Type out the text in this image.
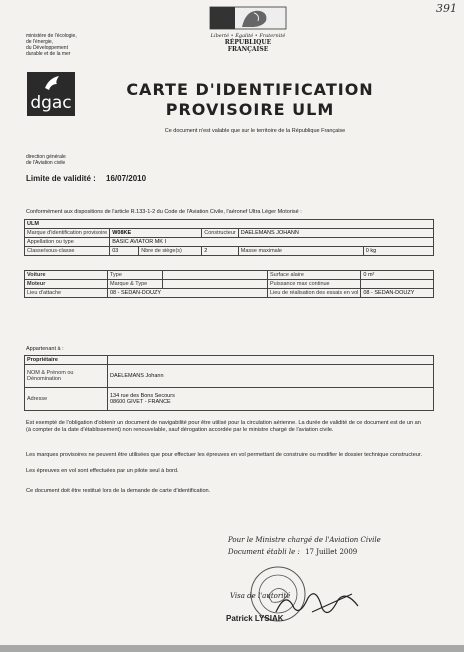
391
ministère de l'écologie,
de l'énergie,
du Développement
durable et de la mer
Liberté • Égalité • Fraternité
RÉPUBLIQUE FRANÇAISE
dgac
CARTE D'IDENTIFICATION
PROVISOIRE ULM
Ce document n'est valable que sur le territoire de la République Française
direction générale
de l'Aviation civile
Limite de validité : 16/07/2010
Conformément aux dispositions de l'article R.133-1-2 du Code de l'Aviation Civile, l'aéronef Ultra Léger Motorisé :
ULM					
Marque d'identification provisoire	W08KE		Constructeur	DAELEMANS JOHANN	
Appellation ou type	BASIC AVIATOR MK I				
Classe/sous-classe	03	Nbre de siège(s)	2	Masse maximale	0 kg
Voiture	Type		Surface alaire	0 m²
Moteur	Marque & Type		Puissance max continue	
Lieu d'attache	08 - SEDAN-DOUZY		Lieu de réalisation des essais en vol	08 - SEDAN-DOUZY
Appartenant à :
Propriétaire	
NOM & Prénom ou Dénomination	DAELEMANS Johann
Adresse	134 rue des Bons Secours
08600 GIVET - FRANCE
Est exempté de l'obligation d'obtenir un document de navigabilité pour être utilisé pour la circulation aérienne. La durée de validité de ce document est de un an (à compter de la date d'établissement) non renouvelable, sauf dérogation accordée par le ministre chargé de l'aviation civile.
Les marques provisoires ne peuvent être utilisées que pour effectuer les épreuves en vol permettant de construire ou modifier le dossier technique constructeur.
Les épreuves en vol sont effectuées par un pilote seul à bord.
Ce document doit être restitué lors de la demande de carte d'identification.
Pour le Ministre chargé de l'Aviation Civile
Document établi le : 17 Juillet 2009
Visa de l'autorité
Patrick LYSIAK
